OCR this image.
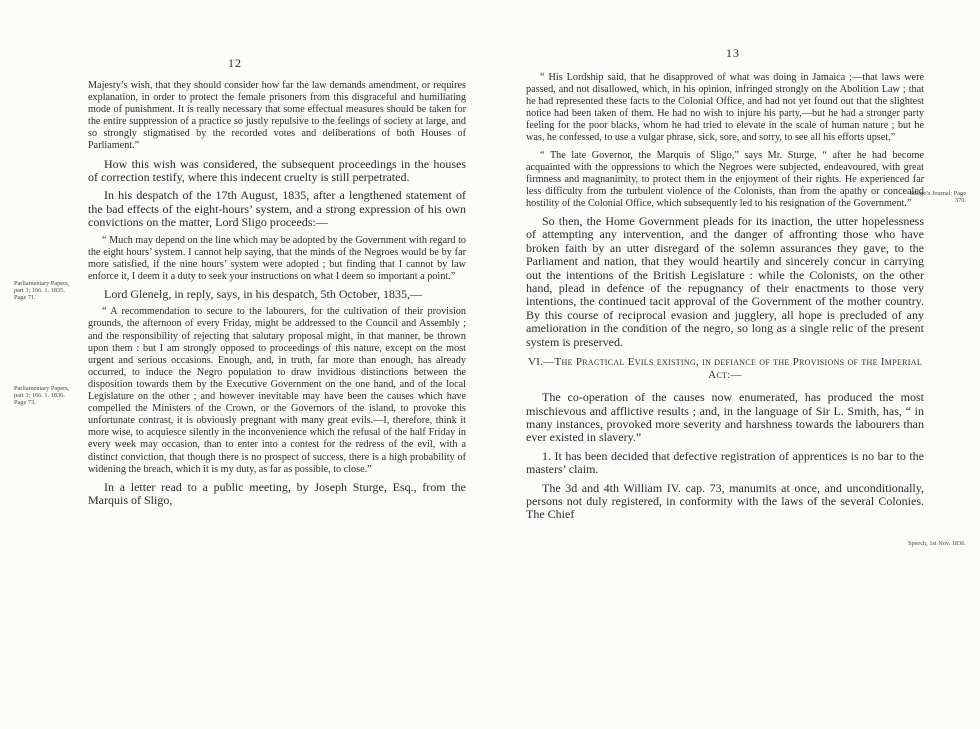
12
Parliamentary Papers, part 3; 166. 1. 1835. Page 71.
Parliamentary Papers, part 3; 166. 1. 1836. Page 73.

Majesty’s wish, that they should consider how far the law demands amendment, or requires explanation, in order to protect the female prisoners from this disgraceful and humiliating mode of punishment. It is really necessary that some effectual measures should be taken for the entire suppression of a practice so justly repulsive to the feelings of society at large, and so strongly stigmatised by the recorded votes and deliberations of both Houses of Parliament.”

How this wish was considered, the subsequent proceedings in the houses of correction testify, where this indecent cruelty is still perpetrated.

In his despatch of the 17th August, 1835, after a lengthened statement of the bad effects of the eight-hours’ system, and a strong expression of his own convictions on the matter, Lord Sligo proceeds:—

“ Much may depend on the line which may be adopted by the Government with regard to the eight hours’ system. I cannot help saying, that the minds of the Negroes would be by far more satisfied, if the nine hours’ system were adopted ; but finding that I cannot by law enforce it, I deem it a duty to seek your instructions on what I deem so important a point.”

Lord Glenelg, in reply, says, in his despatch, 5th October, 1835,—

“ A recommendation to secure to the labourers, for the cultivation of their provision grounds, the afternoon of every Friday, might be addressed to the Council and Assembly ; and the responsibility of rejecting that salutary proposal might, in that manner, be thrown upon them : but I am strongly opposed to proceedings of this nature, except on the most urgent and serious occasions. Enough, and, in truth, far more than enough, has already occurred, to induce the Negro population to draw invidious distinctions between the disposition towards them by the Executive Government on the one hand, and of the local Legislature on the other ; and however inevitable may have been the causes which have compelled the Ministers of the Crown, or the Governors of the island, to provoke this unfortunate contrast, it is obviously pregnant with many great evils.—I, therefore, think it more wise, to acquiesce silently in the inconvenience which the refusal of the half Friday in every week may occasion, than to enter into a contest for the redress of the evil, with a distinct conviction, that though there is no prospect of success, there is a high probability of widening the breach, which it is my duty, as far as possible, to close.”

In a letter read to a public meeting, by Joseph Sturge, Esq., from the Marquis of Sligo,

13
Sturge’s Journal: Page 370.
Speech, 1st Nov. 1836.

“ His Lordship said, that he disapproved of what was doing in Jamaica ;—that laws were passed, and not disallowed, which, in his opinion, infringed strongly on the Abolition Law ; that he had represented these facts to the Colonial Office, and had not yet found out that the slightest notice had been taken of them. He had no wish to injure his party,—but he had a stronger party feeling for the poor blacks, whom he had tried to elevate in the scale of human nature ; but he was, he confessed, to use a vulgar phrase, sick, sore, and sorry, to see all his efforts upset.”

“ The late Governor, the Marquis of Sligo,” says Mr. Sturge, “ after he had become acquainted with the oppressions to which the Negroes were subjected, endeavoured, with great firmness and magnanimity, to protect them in the enjoyment of their rights. He experienced far less difficulty from the turbulent violence of the Colonists, than from the apathy or concealed hostility of the Colonial Office, which subsequently led to his resignation of the Government.”

So then, the Home Government pleads for its inaction, the utter hopelessness of attempting any intervention, and the danger of affronting those who have broken faith by an utter disregard of the solemn assurances they gave, to the Parliament and nation, that they would heartily and sincerely concur in carrying out the intentions of the British Legislature : while the Colonists, on the other hand, plead in defence of the repugnancy of their enactments to those very intentions, the continued tacit approval of the Government of the mother country. By this course of reciprocal evasion and jugglery, all hope is precluded of any amelioration in the condition of the negro, so long as a single relic of the present system is preserved.

VI.—The Practical Evils existing, in defiance of the Provisions of the Imperial Act:—

The co-operation of the causes now enumerated, has produced the most mischievous and afflictive results ; and, in the language of Sir L. Smith, has, “ in many instances, provoked more severity and harshness towards the labourers than ever existed in slavery.”

1. It has been decided that defective registration of apprentices is no bar to the masters’ claim.

The 3d and 4th William IV. cap. 73, manumits at once, and unconditionally, persons not duly registered, in conformity with the laws of the several Colonies. The Chief
